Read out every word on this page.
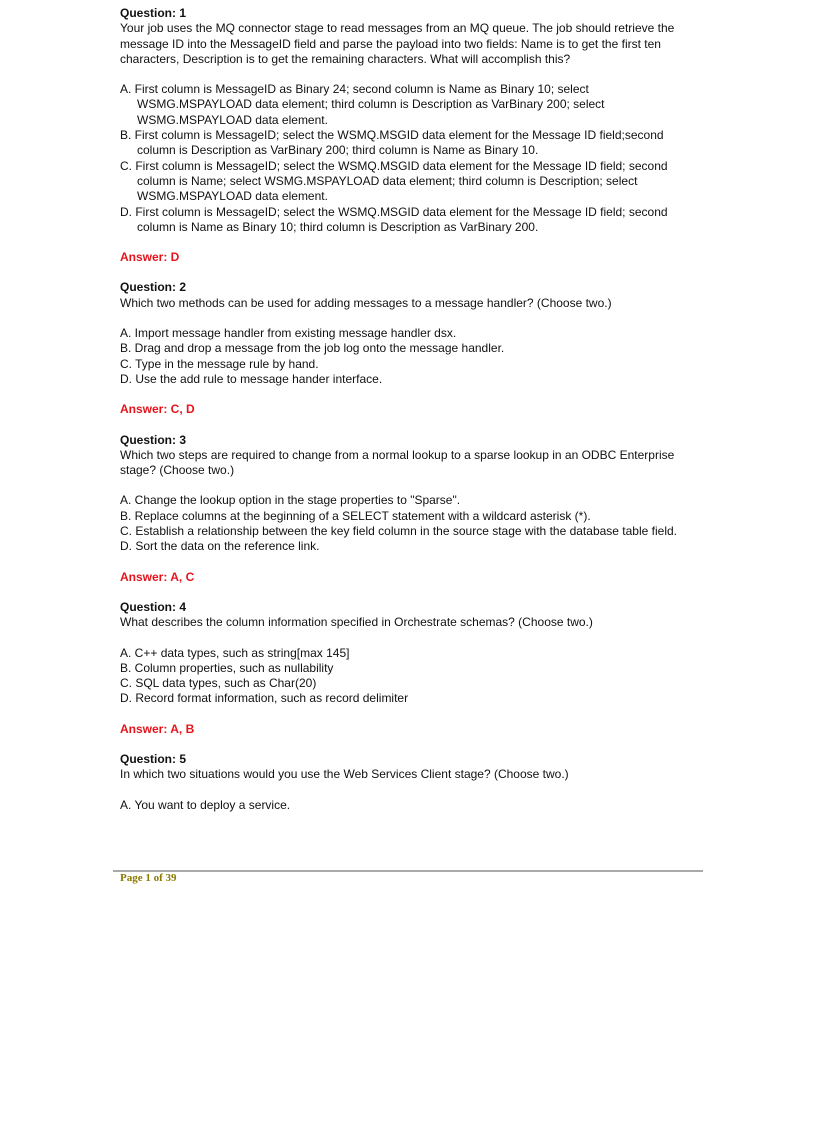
Question: 1

Your job uses the MQ connector stage to read messages from an MQ queue. The job should retrieve the message ID into the MessageID field and parse the payload into two fields: Name is to get the first ten characters, Description is to get the remaining characters. What will accomplish this?

A. First column is MessageID as Binary 24; second column is Name as Binary 10; select WSMG.MSPAYLOAD data element; third column is Description as VarBinary 200; select WSMG.MSPAYLOAD data element.
B. First column is MessageID; select the WSMQ.MSGID data element for the Message ID field;second column is Description as VarBinary 200; third column is Name as Binary 10.
C. First column is MessageID; select the WSMQ.MSGID data element for the Message ID field; second column is Name; select WSMG.MSPAYLOAD data element; third column is Description; select WSMG.MSPAYLOAD data element.
D. First column is MessageID; select the WSMQ.MSGID data element for the Message ID field; second column is Name as Binary 10; third column is Description as VarBinary 200.
Answer: D
Question: 2

Which two methods can be used for adding messages to a message handler? (Choose two.)

A. Import message handler from existing message handler dsx.
B. Drag and drop a message from the job log onto the message handler.
C. Type in the message rule by hand.
D. Use the add rule to message hander interface.
Answer: C, D
Question: 3

Which two steps are required to change from a normal lookup to a sparse lookup in an ODBC Enterprise stage? (Choose two.)

A. Change the lookup option in the stage properties to "Sparse".
B. Replace columns at the beginning of a SELECT statement with a wildcard asterisk (*).
C. Establish a relationship between the key field column in the source stage with the database table field.
D. Sort the data on the reference link.
Answer: A, C
Question: 4

What describes the column information specified in Orchestrate schemas? (Choose two.)

A. C++ data types, such as string[max 145]
B. Column properties, such as nullability
C. SQL data types, such as Char(20)
D. Record format information, such as record delimiter
Answer: A, B
Question: 5

In which two situations would you use the Web Services Client stage? (Choose two.)

A. You want to deploy a service.
Page 1 of 39
